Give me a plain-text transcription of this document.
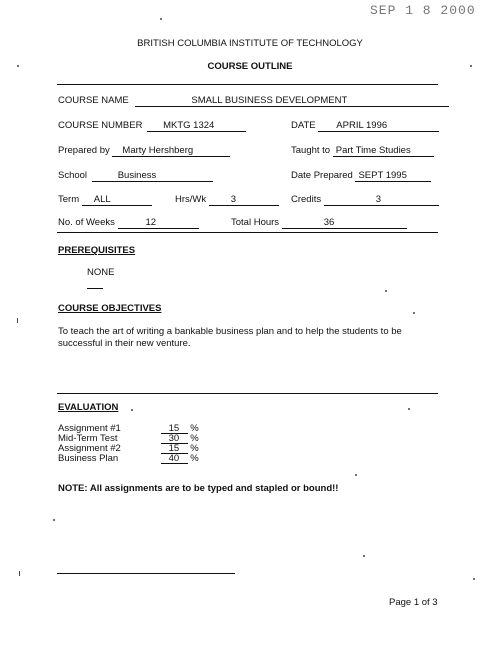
SEP 1 8 2000
BRITISH COLUMBIA INSTITUTE OF TECHNOLOGY
COURSE OUTLINE
COURSE NAME	SMALL BUSINESS DEVELOPMENT
COURSE NUMBER MKTG 1324	DATE APRIL 1996
Prepared by Marty Hershberg	Taught to Part Time Studies
School	Business	Date Prepared SEPT 1995
Term ALL	Hrs/Wk	3	Credits	3
No. of Weeks	12	Total Hours	36
PREREQUISITES
NONE
COURSE OBJECTIVES
To teach the art of writing a bankable business plan and to help the students to be successful in their new venture.
EVALUATION
Assignment #1	15 %
Mid-Term Test	30 %
Assignment #2	15 %
Business Plan	40 %
NOTE: All assignments are to be typed and stapled or bound!!
Page 1 of 3
